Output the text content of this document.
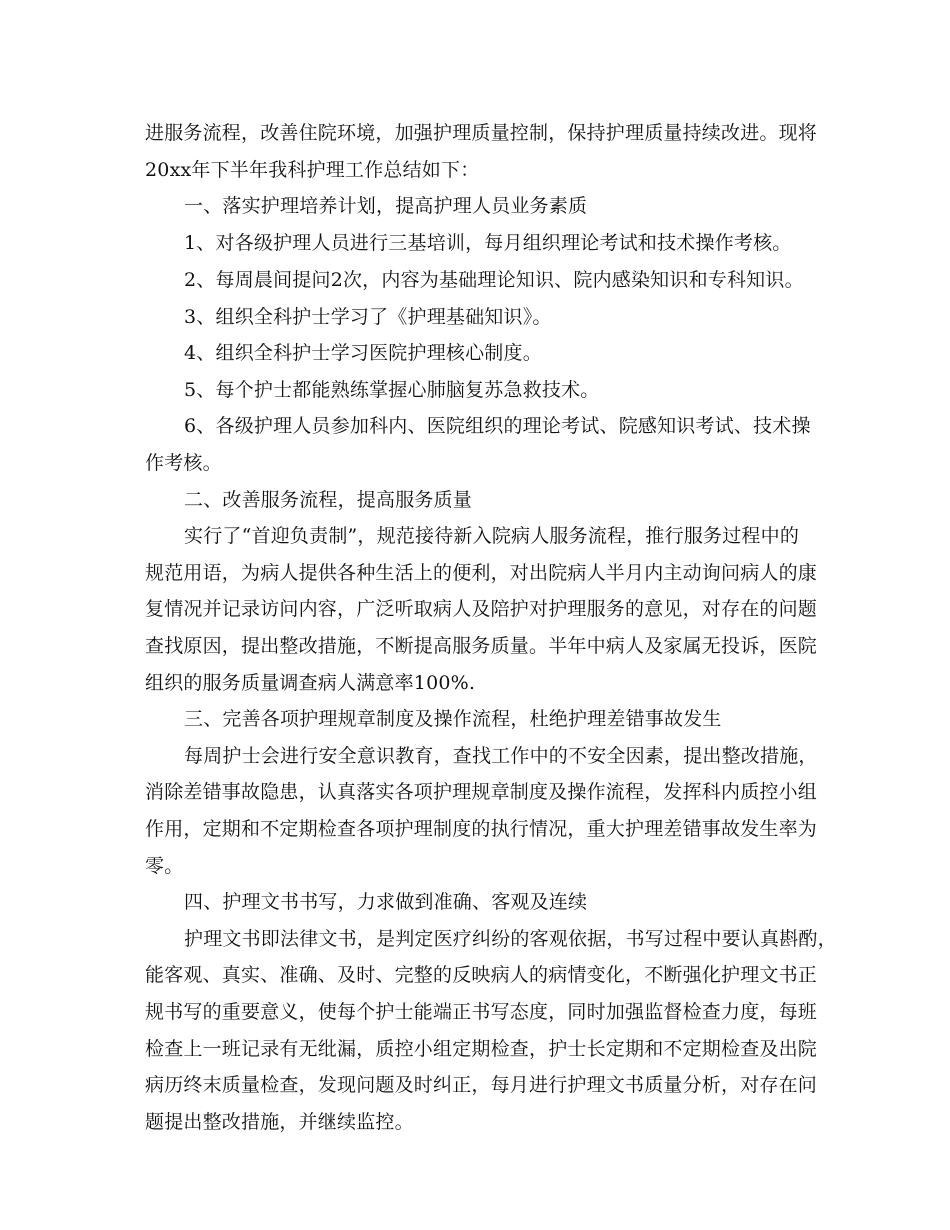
进服务流程，改善住院环境，加强护理质量控制，保持护理质量持续改进。现将
20xx年下半年我科护理工作总结如下：
一、落实护理培养计划，提高护理人员业务素质
1、对各级护理人员进行三基培训，每月组织理论考试和技术操作考核。
2、每周晨间提问2次，内容为基础理论知识、院内感染知识和专科知识。
3、组织全科护士学习了《护理基础知识》。
4、组织全科护士学习医院护理核心制度。
5、每个护士都能熟练掌握心肺脑复苏急救技术。
6、各级护理人员参加科内、医院组织的理论考试、院感知识考试、技术操
作考核。
二、改善服务流程，提高服务质量
实行了“首迎负责制”，规范接待新入院病人服务流程，推行服务过程中的
规范用语，为病人提供各种生活上的便利，对出院病人半月内主动询问病人的康
复情况并记录访问内容，广泛听取病人及陪护对护理服务的意见，对存在的问题
查找原因，提出整改措施，不断提高服务质量。半年中病人及家属无投诉，医院
组织的服务质量调查病人满意率100%.
三、完善各项护理规章制度及操作流程，杜绝护理差错事故发生
每周护士会进行安全意识教育，查找工作中的不安全因素，提出整改措施，
消除差错事故隐患，认真落实各项护理规章制度及操作流程，发挥科内质控小组
作用，定期和不定期检查各项护理制度的执行情况，重大护理差错事故发生率为
零。
四、护理文书书写，力求做到准确、客观及连续
护理文书即法律文书，是判定医疗纠纷的客观依据，书写过程中要认真斟酌，
能客观、真实、准确、及时、完整的反映病人的病情变化，不断强化护理文书正
规书写的重要意义，使每个护士能端正书写态度，同时加强监督检查力度，每班
检查上一班记录有无纰漏，质控小组定期检查，护士长定期和不定期检查及出院
病历终末质量检查，发现问题及时纠正，每月进行护理文书质量分析，对存在问
题提出整改措施，并继续监控。
